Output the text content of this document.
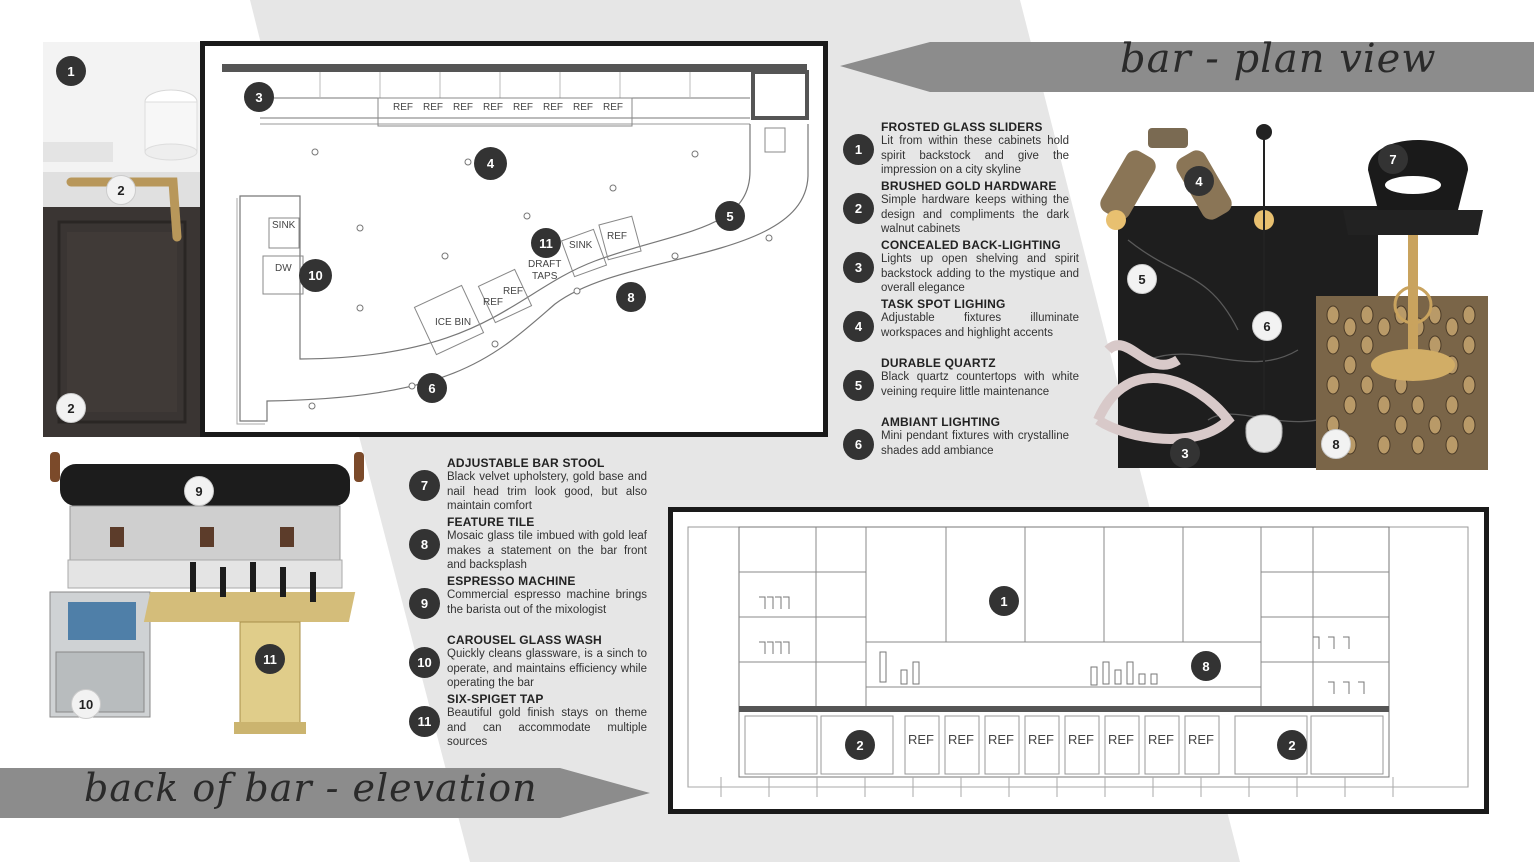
bar - plan view
back of bar - elevation
1
2
2
REF REF REF REF REF REF REF REF
SINK
DW
ICE BIN
REF
REF
DRAFT
TAPS
SINK
REF
3
4
5
11
10
8
6
1
FROSTED GLASS SLIDERS

Lit from within these cabinets hold spirit backstock and give the impression on a city skyline

2
BRUSHED GOLD HARDWARE

Simple hardware keeps withing the design and compliments the dark walnut cabinets

3
CONCEALED BACK-LIGHTING

Lights up open shelving and spirit backstock adding to the mystique and overall elegance

4
TASK SPOT LIGHING

Adjustable fixtures illuminate workspaces and highlight accents

5
DURABLE QUARTZ

Black quartz countertops with white veining require little maintenance

6
AMBIANT LIGHTING

Mini pendant fixtures with crystalline shades add ambiance

4
7
5
6
3
8
9
11
10
7
ADJUSTABLE BAR STOOL

Black velvet upholstery, gold base and nail head trim look good, but also maintain comfort

8
FEATURE TILE

Mosaic glass tile imbued with gold leaf makes a statement on the bar front and backsplash

9
ESPRESSO MACHINE

Commercial espresso machine brings the barista out of the mixologist

10
CAROUSEL GLASS WASH

Quickly cleans glassware, is a sinch to operate, and maintains efficiency while operating the bar

11
SIX-SPIGET TAP

Beautiful gold finish stays on theme and can accommodate multiple sources	REF REF REF REF REF REF REF REF
1
8
2	2
